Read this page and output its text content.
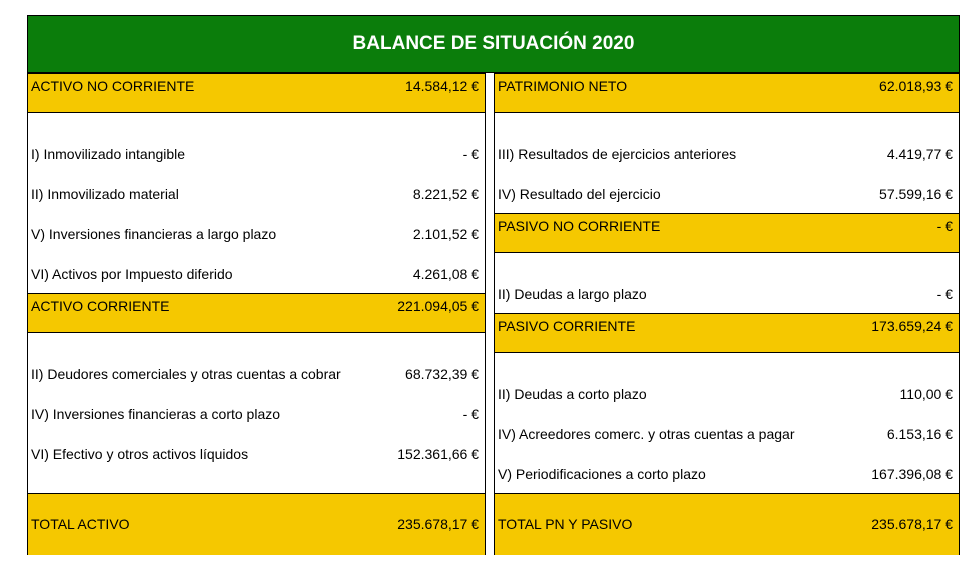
BALANCE DE SITUACIÓN 2020
ACTIVO NO CORRIENTE	14.584,12 €
I) Inmovilizado intangible	- €
II) Inmovilizado material	8.221,52 €
V) Inversiones financieras a largo plazo	2.101,52 €
VI) Activos por Impuesto diferido	4.261,08 €
ACTIVO CORRIENTE	221.094,05 €
II) Deudores comerciales y otras cuentas a cobrar	68.732,39 €
IV) Inversiones financieras a corto plazo	- €
VI) Efectivo y otros activos líquidos	152.361,66 €
TOTAL ACTIVO	235.678,17 €
PATRIMONIO NETO	62.018,93 €
III) Resultados de ejercicios anteriores	4.419,77 €
IV) Resultado del ejercicio	57.599,16 €
PASIVO NO CORRIENTE	- €
II) Deudas a largo plazo	- €
PASIVO CORRIENTE	173.659,24 €
II) Deudas a corto plazo	110,00 €
IV) Acreedores comerc. y otras cuentas a pagar	6.153,16 €
V) Periodificaciones a corto plazo	167.396,08 €
TOTAL PN Y PASIVO	235.678,17 €
